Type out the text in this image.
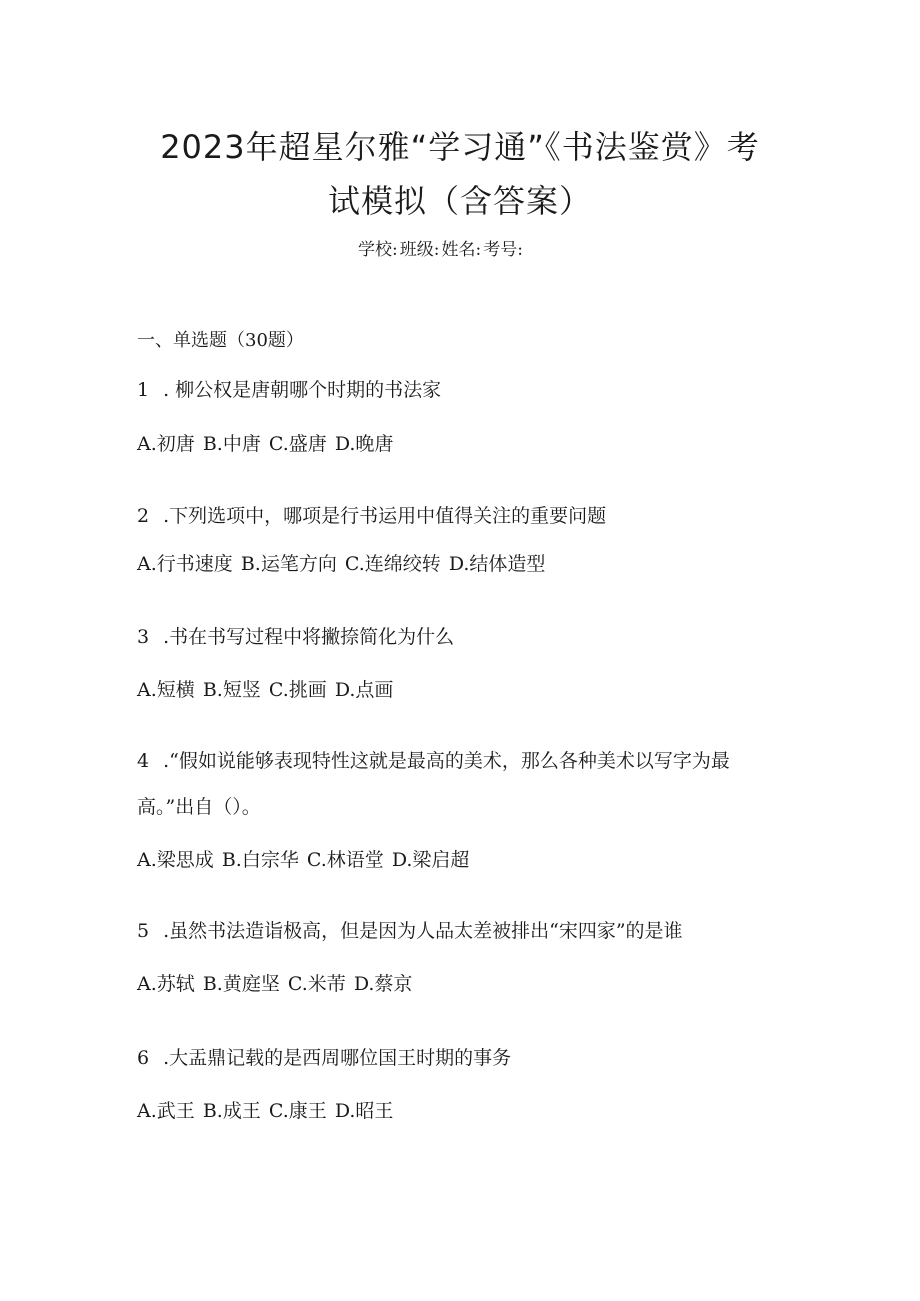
2023年超星尔雅“学习通”《书法鉴赏》考
试模拟（含答案）
学校: 班级: 姓名: 考号:
一、单选题（30题）
1 . 柳公权是唐朝哪个时期的书法家
A.初唐 B.中唐 C.盛唐 D.晚唐
2 .下列选项中，哪项是行书运用中值得关注的重要问题
A.行书速度 B.运笔方向 C.连绵绞转 D.结体造型
3 .书在书写过程中将撇捺简化为什么
A.短横 B.短竖 C.挑画 D.点画
4 .“假如说能够表现特性这就是最高的美术，那么各种美术以写字为最高。”出自（）。
A.梁思成 B.白宗华 C.林语堂 D.梁启超
5 .虽然书法造诣极高，但是因为人品太差被排出“宋四家”的是谁
A.苏轼 B.黄庭坚 C.米芾 D.蔡京
6 .大盂鼎记载的是西周哪位国王时期的事务
A.武王 B.成王 C.康王 D.昭王
